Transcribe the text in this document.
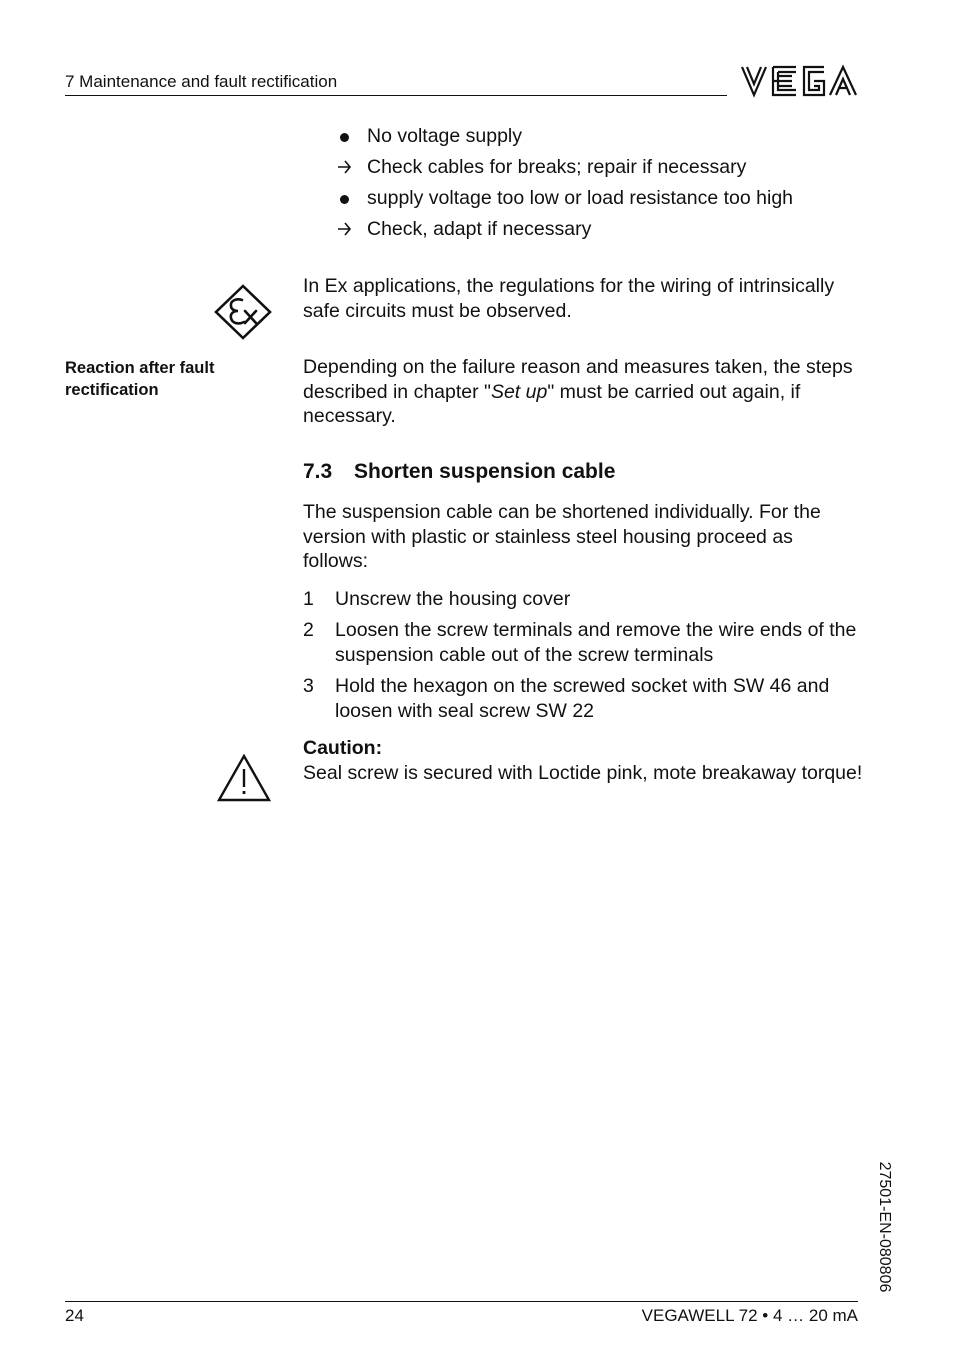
7 Maintenance and fault rectification
No voltage supply
Check cables for breaks; repair if necessary
supply voltage too low or load resistance too high
Check, adapt if necessary
In Ex applications, the regulations for the wiring of intrinsically safe circuits must be observed.
Reaction after fault rectification
Depending on the failure reason and measures taken, the steps described in chapter "Set up" must be carried out again, if necessary.
7.3 Shorten suspension cable
The suspension cable can be shortened individually. For the version with plastic or stainless steel housing proceed as follows:
1 Unscrew the housing cover
2 Loosen the screw terminals and remove the wire ends of the suspension cable out of the screw terminals
3 Hold the hexagon on the screwed socket with SW 46 and loosen with seal screw SW 22
Caution:
Seal screw is secured with Loctide pink, mote breakaway torque!
27501-EN-080806
24	VEGAWELL 72 • 4 … 20 mA
